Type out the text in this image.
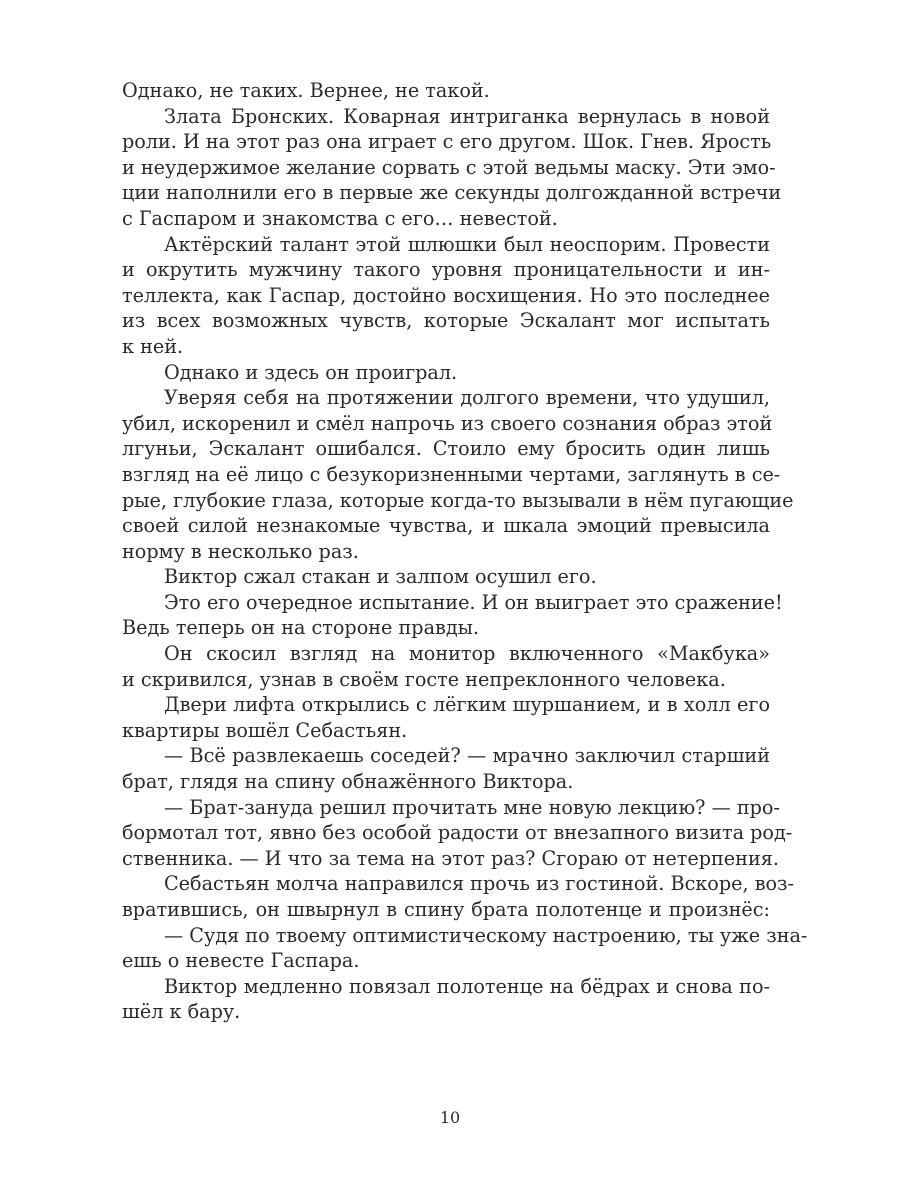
Однако, не таких. Вернее, не такой.
Злата Бронских. Коварная интриганка вернулась в новой
роли. И на этот раз она играет с его другом. Шок. Гнев. Ярость
и неудержимое желание сорвать с этой ведьмы маску. Эти эмо-
ции наполнили его в первые же секунды долгожданной встречи
с Гаспаром и знакомства с его… невестой.
Актёрский талант этой шлюшки был неоспорим. Провести
и окрутить мужчину такого уровня проницательности и ин-
теллекта, как Гаспар, достойно восхищения. Но это последнее
из всех возможных чувств, которые Эскалант мог испытать
к ней.
Однако и здесь он проиграл.
Уверяя себя на протяжении долгого времени, что удушил,
убил, искоренил и смёл напрочь из своего сознания образ этой
лгуньи, Эскалант ошибался. Стоило ему бросить один лишь
взгляд на её лицо с безукоризненными чертами, заглянуть в се-
рые, глубокие глаза, которые когда-то вызывали в нём пугающие
своей силой незнакомые чувства, и шкала эмоций превысила
норму в несколько раз.
Виктор сжал стакан и залпом осушил его.
Это его очередное испытание. И он выиграет это сражение!
Ведь теперь он на стороне правды.
Он скосил взгляд на монитор включенного «Макбука»
и скривился, узнав в своём госте непреклонного человека.
Двери лифта открылись с лёгким шуршанием, и в холл его
квартиры вошёл Себастьян.
— Всё развлекаешь соседей? — мрачно заключил старший
брат, глядя на спину обнажённого Виктора.
— Брат-зануда решил прочитать мне новую лекцию? — про-
бормотал тот, явно без особой радости от внезапного визита род-
ственника. — И что за тема на этот раз? Сгораю от нетерпения.
Себастьян молча направился прочь из гостиной. Вскоре, воз-
вратившись, он швырнул в спину брата полотенце и произнёс:
— Судя по твоему оптимистическому настроению, ты уже зна-
ешь о невесте Гаспара.
Виктор медленно повязал полотенце на бёдрах и снова по-
шёл к бару.
10
